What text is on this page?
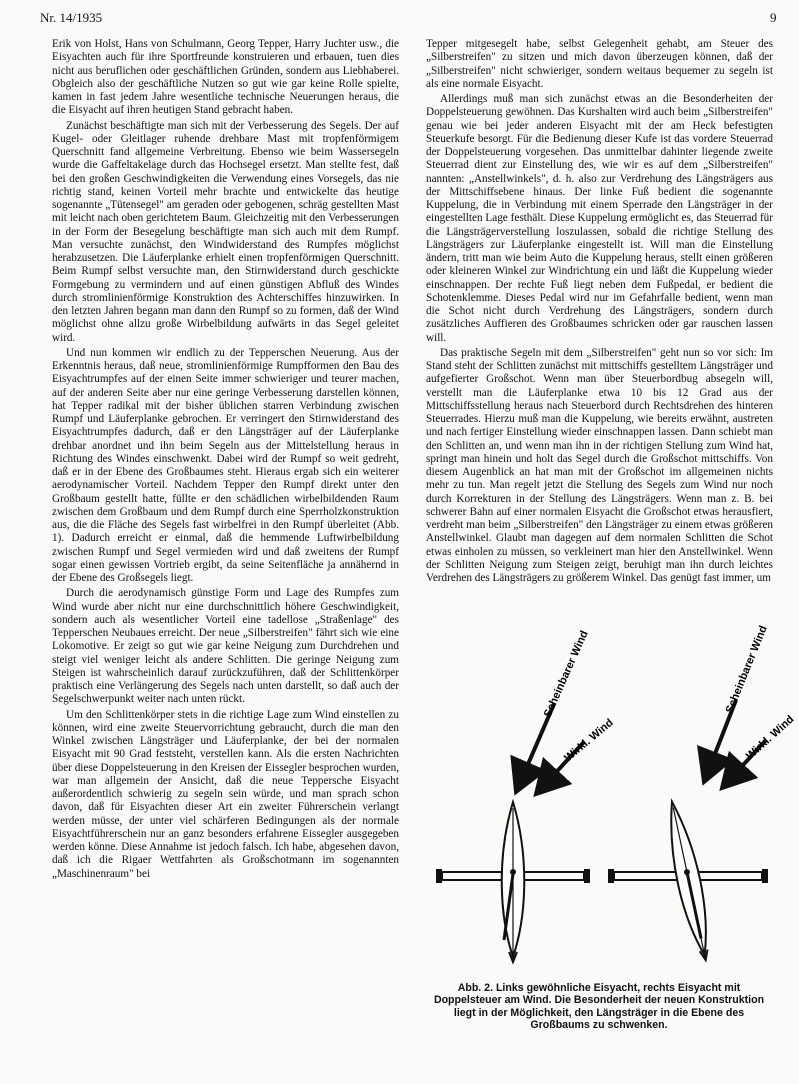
Nr. 14/1935	9

Erik von Holst, Hans von Schulmann, Georg Tepper, Harry Juchter usw., die Eisyachten auch für ihre Sportfreunde konstruieren und erbauen, tuen dies nicht aus beruflichen oder geschäftlichen Gründen, sondern aus Liebhaberei. Obgleich also der geschäftliche Nutzen so gut wie gar keine Rolle spielte, kamen in fast jedem Jahre wesentliche technische Neuerungen heraus, die die Eisyacht auf ihren heutigen Stand gebracht haben.

Zunächst beschäftigte man sich mit der Verbesserung des Segels. Der auf Kugel- oder Gleitlager ruhende drehbare Mast mit tropfenförmigem Querschnitt fand allgemeine Verbreitung. Ebenso wie beim Wassersegeln wurde die Gaffeltakelage durch das Hochsegel ersetzt. Man stellte fest, daß bei den großen Geschwindigkeiten die Verwendung eines Vorsegels, das nie richtig stand, keinen Vorteil mehr brachte und entwickelte das heutige sogenannte „Tütensegel" am geraden oder gebogenen, schräg gestellten Mast mit leicht nach oben gerichtetem Baum. Gleichzeitig mit den Verbesserungen in der Form der Besegelung beschäftigte man sich auch mit dem Rumpf. Man versuchte zunächst, den Windwiderstand des Rumpfes möglichst herabzusetzen. Die Läuferplanke erhielt einen tropfenförmigen Querschnitt. Beim Rumpf selbst versuchte man, den Stirnwiderstand durch geschickte Formgebung zu vermindern und auf einen günstigen Abfluß des Windes durch stromlinienförmige Konstruktion des Achterschiffes hinzuwirken. In den letzten Jahren begann man dann den Rumpf so zu formen, daß der Wind möglichst ohne allzu große Wirbelbildung aufwärts in das Segel geleitet wird.

Und nun kommen wir endlich zu der Tepperschen Neuerung. Aus der Erkenntnis heraus, daß neue, stromlinienförmige Rumpfformen den Bau des Eisyachtrumpfes auf der einen Seite immer schwieriger und teurer machen, auf der anderen Seite aber nur eine geringe Verbesserung darstellen können, hat Tepper radikal mit der bisher üblichen starren Verbindung zwischen Rumpf und Läuferplanke gebrochen. Er verringert den Stirnwiderstand des Eisyachtrumpfes dadurch, daß er den Längsträger auf der Läuferplanke drehbar anordnet und ihn beim Segeln aus der Mittelstellung heraus in Richtung des Windes einschwenkt. Dabei wird der Rumpf so weit gedreht, daß er in der Ebene des Großbaumes steht. Hieraus ergab sich ein weiterer aerodynamischer Vorteil. Nachdem Tepper den Rumpf direkt unter den Großbaum gestellt hatte, füllte er den schädlichen wirbelbildenden Raum zwischen dem Großbaum und dem Rumpf durch eine Sperrholzkonstruktion aus, die die Fläche des Segels fast wirbelfrei in den Rumpf überleitet (Abb. 1). Dadurch erreicht er einmal, daß die hemmende Luftwirbelbildung zwischen Rumpf und Segel vermieden wird und daß zweitens der Rumpf sogar einen gewissen Vortrieb ergibt, da seine Seitenfläche ja annähernd in der Ebene des Großsegels liegt.

Durch die aerodynamisch günstige Form und Lage des Rumpfes zum Wind wurde aber nicht nur eine durchschnittlich höhere Geschwindigkeit, sondern auch als wesentlicher Vorteil eine tadellose „Straßenlage" des Tepperschen Neubaues erreicht. Der neue „Silberstreifen" fährt sich wie eine Lokomotive. Er zeigt so gut wie gar keine Neigung zum Durchdrehen und steigt viel weniger leicht als andere Schlitten. Die geringe Neigung zum Steigen ist wahrscheinlich darauf zurückzuführen, daß der Schlittenkörper praktisch eine Verlängerung des Segels nach unten darstellt, so daß auch der Segelschwerpunkt weiter nach unten rückt.

Um den Schlittenkörper stets in die richtige Lage zum Wind einstellen zu können, wird eine zweite Steuervorrichtung gebraucht, durch die man den Winkel zwischen Längsträger und Läuferplanke, der bei der normalen Eisyacht mit 90 Grad feststeht, verstellen kann. Als die ersten Nachrichten über diese Doppelsteuerung in den Kreisen der Eissegler besprochen wurden, war man allgemein der Ansicht, daß die neue Teppersche Eisyacht außerordentlich schwierig zu segeln sein würde, und man sprach schon davon, daß für Eisyachten dieser Art ein zweiter Führerschein verlangt werden müsse, der unter viel schärferen Bedingungen als der normale Eisyachtführerschein nur an ganz besonders erfahrene Eissegler ausgegeben werden könne. Diese Annahme ist jedoch falsch. Ich habe, abgesehen davon, daß ich die Rigaer Wettfahrten als Großschotmann im sogenannten „Maschinenraum" bei

Tepper mitgesegelt habe, selbst Gelegenheit gehabt, am Steuer des „Silberstreifen" zu sitzen und mich davon überzeugen können, daß der „Silberstreifen" nicht schwieriger, sondern weitaus bequemer zu segeln ist als eine normale Eisyacht.

Allerdings muß man sich zunächst etwas an die Besonderheiten der Doppelsteuerung gewöhnen. Das Kurshalten wird auch beim „Silberstreifen" genau wie bei jeder anderen Eisyacht mit der am Heck befestigten Steuerkufe besorgt. Für die Bedienung dieser Kufe ist das vordere Steuerrad der Doppelsteuerung vorgesehen. Das unmittelbar dahinter liegende zweite Steuerrad dient zur Einstellung des, wie wir es auf dem „Silberstreifen" nannten: „Anstellwinkels", d. h. also zur Verdrehung des Längsträgers aus der Mittschiffsebene hinaus. Der linke Fuß bedient die sogenannte Kuppelung, die in Verbindung mit einem Sperrade den Längsträger in der eingestellten Lage festhält. Diese Kuppelung ermöglicht es, das Steuerrad für die Längsträgerverstellung loszulassen, sobald die richtige Stellung des Längsträgers zur Läuferplanke eingestellt ist. Will man die Einstellung ändern, tritt man wie beim Auto die Kuppelung heraus, stellt einen größeren oder kleineren Winkel zur Windrichtung ein und läßt die Kuppelung wieder einschnappen. Der rechte Fuß liegt neben dem Fußpedal, er bedient die Schotenklemme. Dieses Pedal wird nur im Gefahrfalle bedient, wenn man die Schot nicht durch Verdrehung des Längsträgers, sondern durch zusätzliches Auffieren des Großbaumes schricken oder gar rauschen lassen will.

Das praktische Segeln mit dem „Silberstreifen" geht nun so vor sich: Im Stand steht der Schlitten zunächst mit mittschiffs gestelltem Längsträger und aufgefierter Großschot. Wenn man über Steuerbordbug absegeln will, verstellt man die Läuferplanke etwa 10 bis 12 Grad aus der Mittschiffsstellung heraus nach Steuerbord durch Rechtsdrehen des hinteren Steuerrades. Hierzu muß man die Kuppelung, wie bereits erwähnt, austreten und nach fertiger Einstellung wieder einschnappen lassen. Dann schiebt man den Schlitten an, und wenn man ihn in der richtigen Stellung zum Wind hat, springt man hinein und holt das Segel durch die Großschot mittschiffs. Von diesem Augenblick an hat man mit der Großschot im allgemeinen nichts mehr zu tun. Man regelt jetzt die Stellung des Segels zum Wind nur noch durch Korrekturen in der Stellung des Längsträgers. Wenn man z. B. bei schwerer Bahn auf einer normalen Eisyacht die Großschot etwas herausfiert, verdreht man beim „Silberstreifen" den Längsträger zu einem etwas größeren Anstellwinkel. Glaubt man dagegen auf dem normalen Schlitten die Schot etwas einholen zu müssen, so verkleinert man hier den Anstellwinkel. Wenn der Schlitten Neigung zum Steigen zeigt, beruhigt man ihn durch leichtes Verdrehen des Längsträgers zu größerem Winkel. Das genügt fast immer, um

Scheinbarer Wind
Wirkl. Wind
Scheinbarer Wind
Wirkl. Wind
Abb. 2. Links gewöhnliche Eisyacht, rechts Eisyacht mit Doppelsteuer am Wind. Die Besonderheit der neuen Konstruktion liegt in der Möglichkeit, den Längsträger in die Ebene des Großbaums zu schwenken.
